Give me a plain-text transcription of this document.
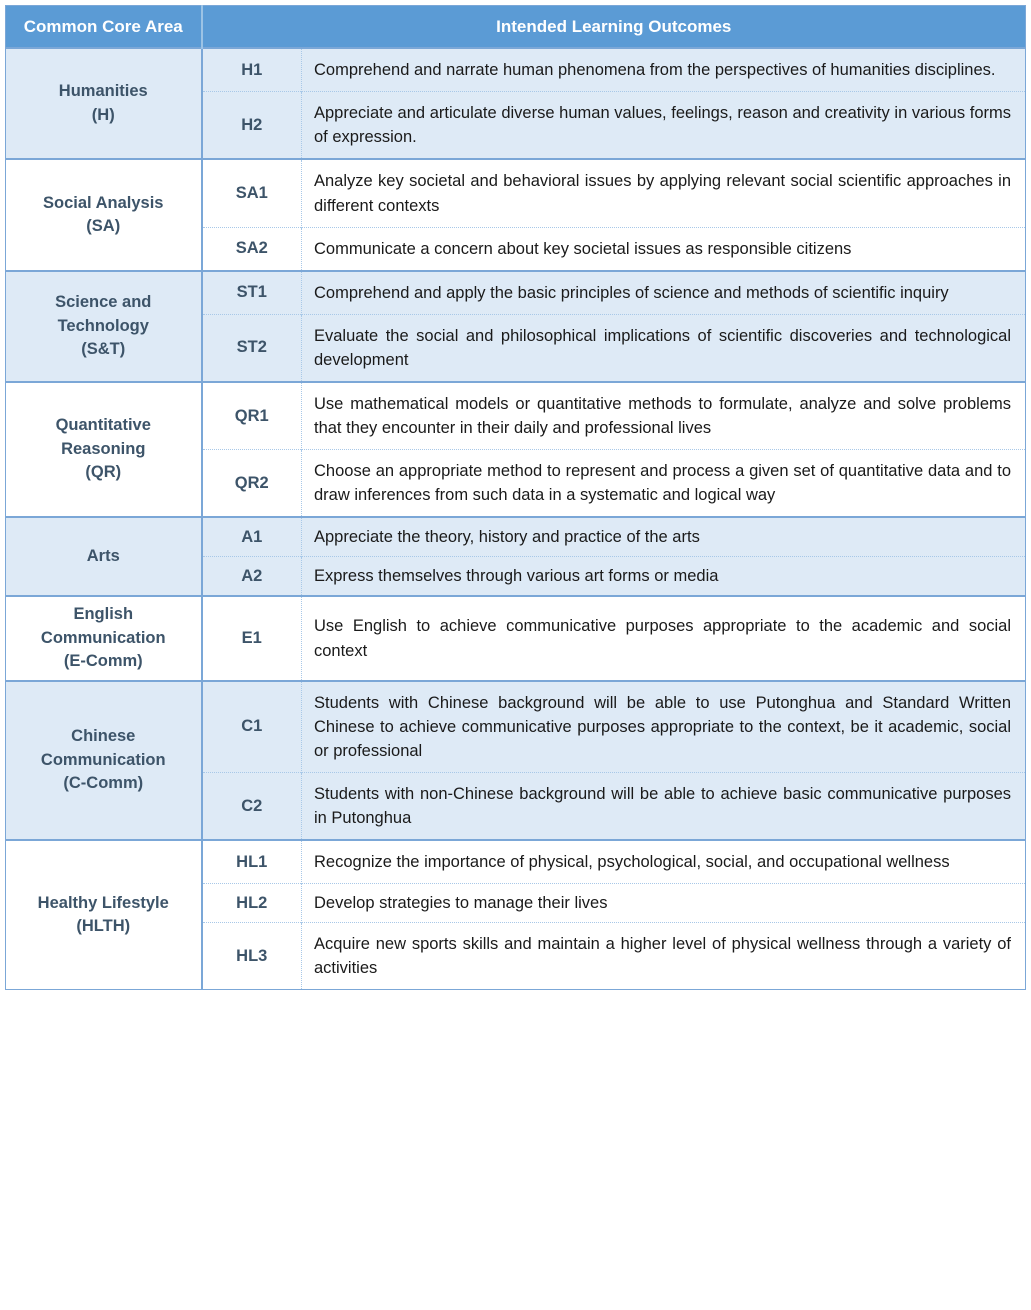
Common Core Area	Intended Learning Outcomes	
Humanities
(H)	H1	Comprehend and narrate human phenomena from the perspectives of humanities disciplines.
	H2	Appreciate and articulate diverse human values, feelings, reason and creativity in various forms of expression.
Social Analysis
(SA)	SA1	Analyze key societal and behavioral issues by applying relevant social scientific approaches in different contexts
	SA2	Communicate a concern about key societal issues as responsible citizens
Science and
Technology
(S&T)	ST1	Comprehend and apply the basic principles of science and methods of scientific inquiry
	ST2	Evaluate the social and philosophical implications of scientific discoveries and technological development
Quantitative
Reasoning
(QR)	QR1	Use mathematical models or quantitative methods to formulate, analyze and solve problems that they encounter in their daily and professional lives
	QR2	Choose an appropriate method to represent and process a given set of quantitative data and to draw inferences from such data in a systematic and logical way
Arts	A1	Appreciate the theory, history and practice of the arts
	A2	Express themselves through various art forms or media
English
Communication
(E-Comm)	E1	Use English to achieve communicative purposes appropriate to the academic and social context
Chinese
Communication
(C-Comm)	C1	Students with Chinese background will be able to use Putonghua and Standard Written Chinese to achieve communicative purposes appropriate to the context, be it academic, social or professional
	C2	Students with non-Chinese background will be able to achieve basic communicative purposes in Putonghua
Healthy Lifestyle
(HLTH)	HL1	Recognize the importance of physical, psychological, social, and occupational wellness
	HL2	Develop strategies to manage their lives
	HL3	Acquire new sports skills and maintain a higher level of physical wellness through a variety of activities
